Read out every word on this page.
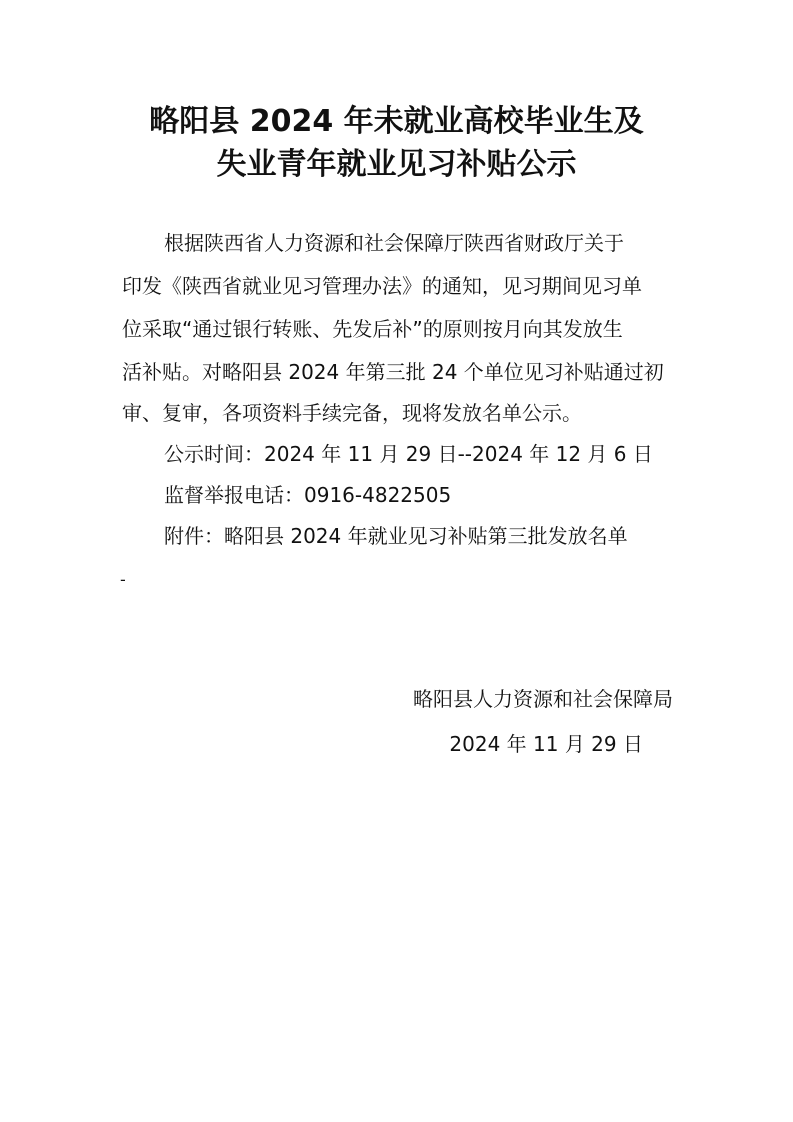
略阳县 2024 年未就业高校毕业生及
失业青年就业见习补贴公示
根据陕西省人力资源和社会保障厅陕西省财政厅关于
印发《陕西省就业见习管理办法》的通知，见习期间见习单
位采取“通过银行转账、先发后补”的原则按月向其发放生
活补贴。对略阳县 2024 年第三批 24 个单位见习补贴通过初
审、复审，各项资料手续完备，现将发放名单公示。
公示时间：2024 年 11 月 29 日--2024 年 12 月 6 日
监督举报电话：0916-4822505
附件：略阳县 2024 年就业见习补贴第三批发放名单
-
略阳县人力资源和社会保障局
2024 年 11 月 29 日
